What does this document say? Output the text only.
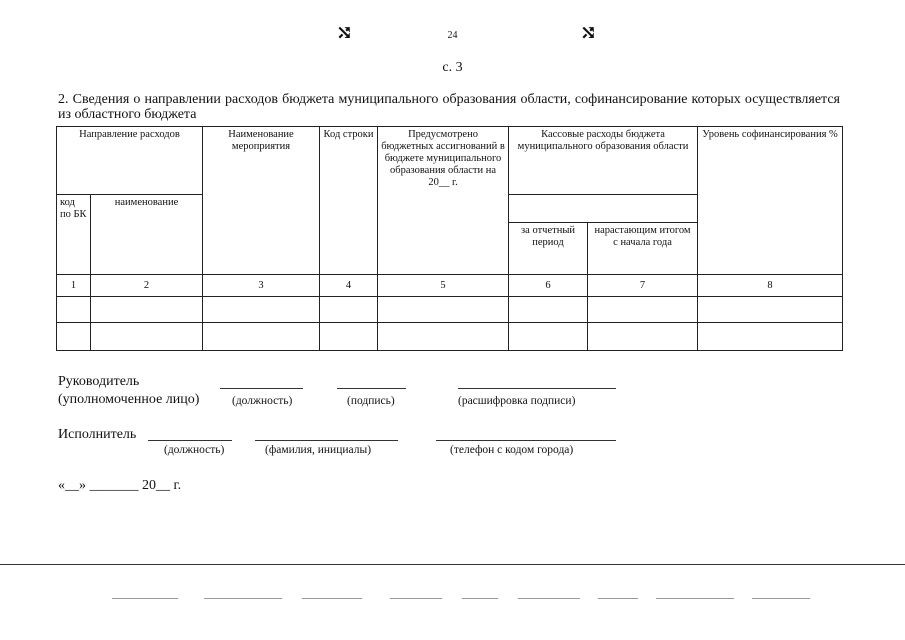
⤭	24	⤭
с. 3
2. Сведения о направлении расходов бюджета муниципального образования области, софинансирование которых осуществляется из областного бюджета
Направление расходов		Наименование мероприятия	Код строки	Предусмотрено бюджетных ассигнований в бюджете муниципального образования области на 20__ г.	Кассовые расходы бюджета муниципального образования области		Уровень софинансирования %
код по БК	наименование						
					за отчетный период	нарастающим итогом с начала года	
1	2	3	4	5	6	7	8

Руководитель
(уполномоченное лицо)	(должность)	(подпись)	(расшифровка подписи)
Исполнитель
(должность)	(фамилия, инициалы)	(телефон с кодом города)
«__» _______ 20__ г.
